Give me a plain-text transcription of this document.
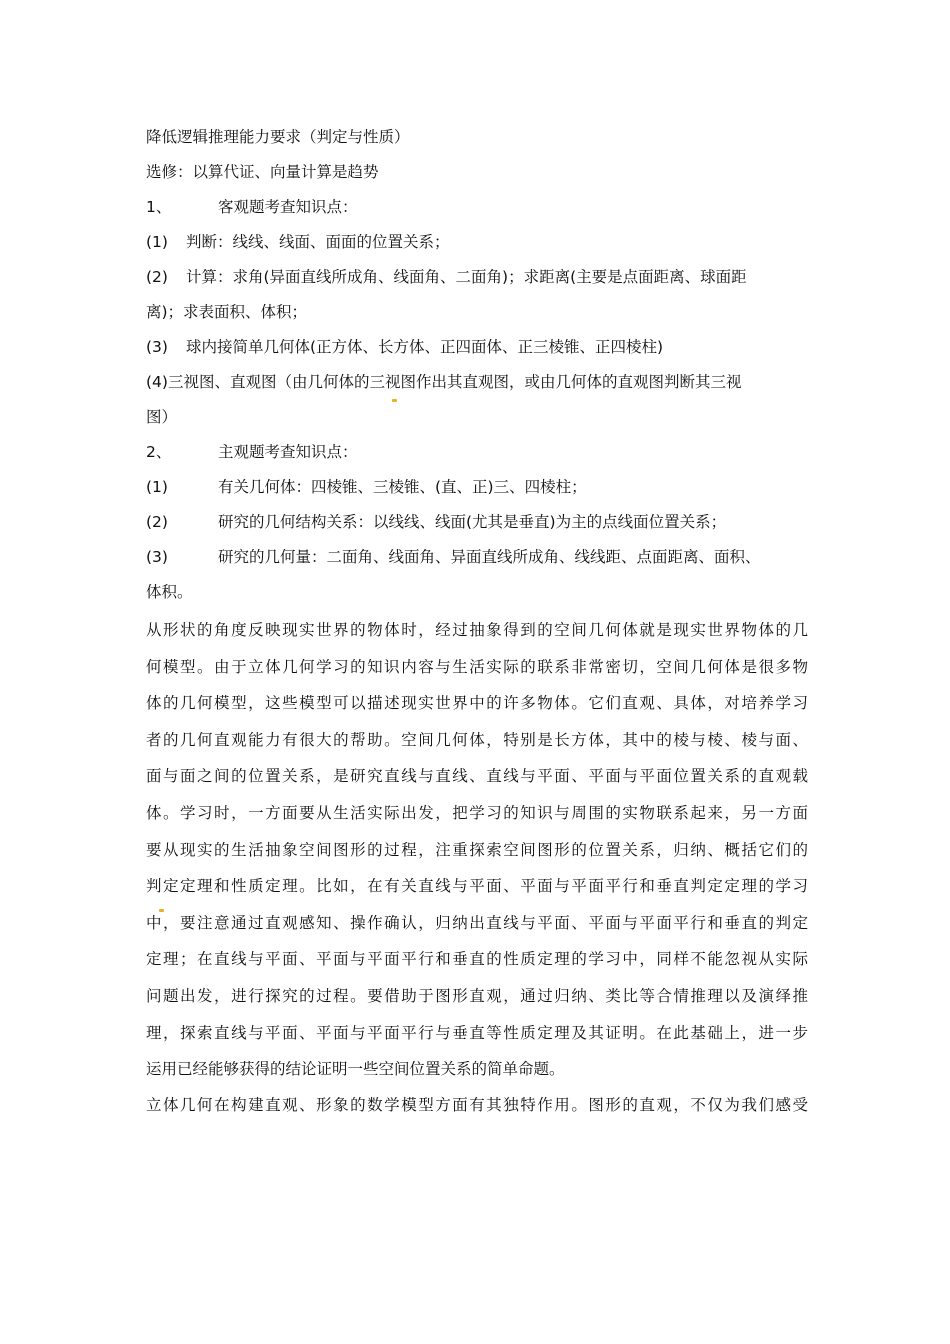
降低逻辑推理能力要求（判定与性质）
选修：以算代证、向量计算是趋势
1、	客观题考查知识点：
(1) 判断：线线、线面、面面的位置关系；
(2) 计算：求角(异面直线所成角、线面角、二面角)；求距离(主要是点面距离、球面距
离)；求表面积、体积；
(3) 球内接简单几何体(正方体、长方体、正四面体、正三棱锥、正四棱柱)
(4)三视图、直观图（由几何体的三视图作出其直观图，或由几何体的直观图判断其三视
图）
2、	主观题考查知识点：
(1)	有关几何体：四棱锥、三棱锥、(直、正)三、四棱柱；
(2)	研究的几何结构关系：以线线、线面(尤其是垂直)为主的点线面位置关系；
(3)	研究的几何量：二面角、线面角、异面直线所成角、线线距、点面距离、面积、
体积。
从形状的角度反映现实世界的物体时，经过抽象得到的空间几何体就是现实世界物体的几
何模型。由于立体几何学习的知识内容与生活实际的联系非常密切，空间几何体是很多物
体的几何模型，这些模型可以描述现实世界中的许多物体。它们直观、具体，对培养学习
者的几何直观能力有很大的帮助。空间几何体，特别是长方体，其中的棱与棱、棱与面、
面与面之间的位置关系，是研究直线与直线、直线与平面、平面与平面位置关系的直观载
体。学习时，一方面要从生活实际出发，把学习的知识与周围的实物联系起来，另一方面
要从现实的生活抽象空间图形的过程，注重探索空间图形的位置关系，归纳、概括它们的
判定定理和性质定理。比如，在有关直线与平面、平面与平面平行和垂直判定定理的学习
中，要注意通过直观感知、操作确认，归纳出直线与平面、平面与平面平行和垂直的判定
定理；在直线与平面、平面与平面平行和垂直的性质定理的学习中，同样不能忽视从实际
问题出发，进行探究的过程。要借助于图形直观，通过归纳、类比等合情推理以及演绎推
理，探索直线与平面、平面与平面平行与垂直等性质定理及其证明。在此基础上，进一步
运用已经能够获得的结论证明一些空间位置关系的简单命题。
立体几何在构建直观、形象的数学模型方面有其独特作用。图形的直观，不仅为我们感受
